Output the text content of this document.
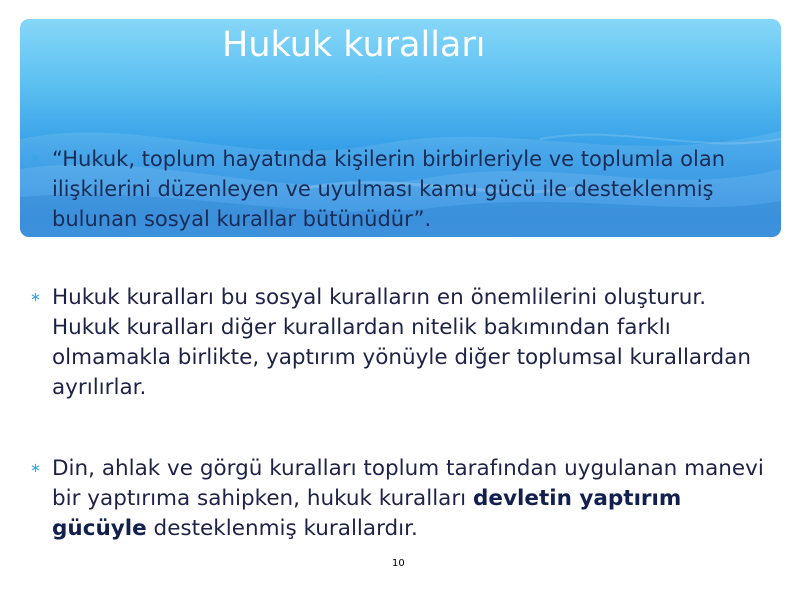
Hukuk kuralları
∗ “Hukuk, toplum hayatında kişilerin birbirleriyle ve toplumla olan ilişkilerini düzenleyen ve uyulması kamu gücü ile desteklenmiş bulunan sosyal kurallar bütünüdür”.
∗ Hukuk kuralları bu sosyal kuralların en önemlilerini oluşturur. Hukuk kuralları diğer kurallardan nitelik bakımından farklı olmamakla birlikte, yaptırım yönüyle diğer toplumsal kurallardan ayrılırlar.
∗ Din, ahlak ve görgü kuralları toplum tarafından uygulanan manevi bir yaptırıma sahipken, hukuk kuralları devletin yaptırım gücüyle desteklenmiş kurallardır.
10
